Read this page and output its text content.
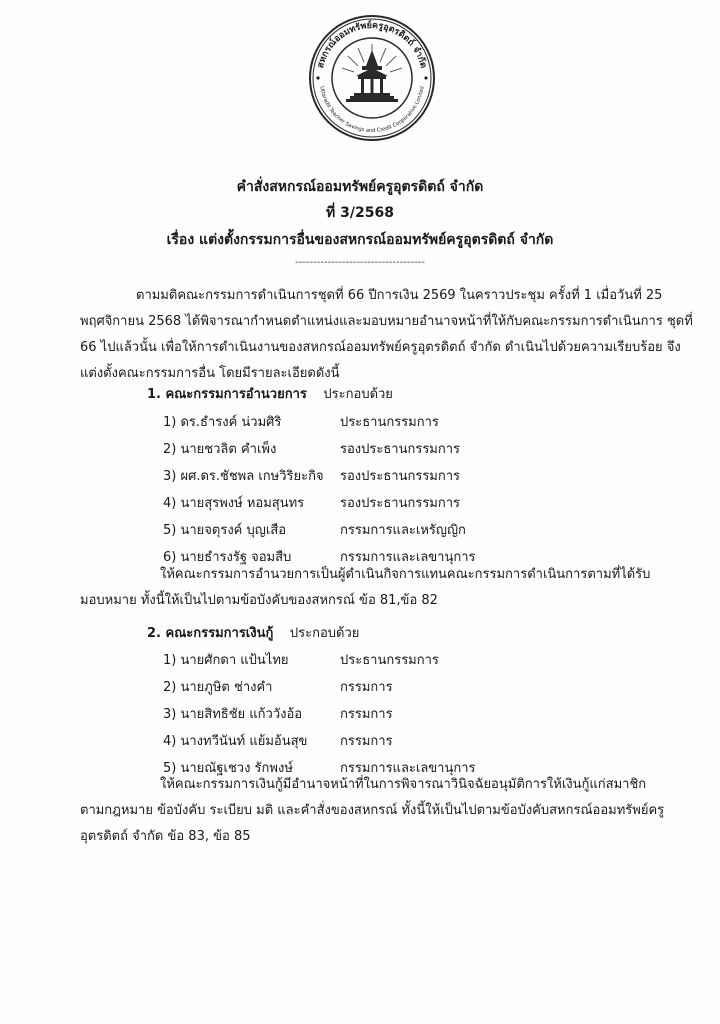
สหกรณ์ออมทรัพย์ครูอุตรดิตถ์ จำกัด
Uttaradit Teacher Savings and Credit Cooperative Limited
คำสั่งสหกรณ์ออมทรัพย์ครูอุตรดิตถ์ จำกัด
ที่ 3/2568
เรื่อง แต่งตั้งกรรมการอื่นของสหกรณ์ออมทรัพย์ครูอุตรดิตถ์ จำกัด
------------------------------------
ตามมติคณะกรรมการดำเนินการชุดที่ 66 ปีการเงิน 2569 ในคราวประชุม ครั้งที่ 1 เมื่อวันที่ 25
พฤศจิกายน 2568 ได้พิจารณากำหนดตำแหน่งและมอบหมายอำนาจหน้าที่ให้กับคณะกรรมการดำเนินการ ชุดที่
66 ไปแล้วนั้น เพื่อให้การดำเนินงานของสหกรณ์ออมทรัพย์ครูอุตรดิตถ์ จำกัด ดำเนินไปด้วยความเรียบร้อย จึง
แต่งตั้งคณะกรรมการอื่น โดยมีรายละเอียดดังนี้
1. คณะกรรมการอำนวยการ ประกอบด้วย
1) ดร.ธำรงค์ น่วมศิริ	ประธานกรรมการ
2) นายชวลิต คำเพ็ง	รองประธานกรรมการ
3) ผศ.ดร.ชัชพล เกษวิริยะกิจ รองประธานกรรมการ
4) นายสุรพงษ์ หอมสุนทร	รองประธานกรรมการ
5) นายจตุรงค์ บุญเสือ	กรรมการและเหรัญญิก
6) นายธำรงรัฐ จอมสืบ	กรรมการและเลขานุการ
ให้คณะกรรมการอำนวยการเป็นผู้ดำเนินกิจการแทนคณะกรรมการดำเนินการตามที่ได้รับ
มอบหมาย ทั้งนี้ให้เป็นไปตามข้อบังคับของสหกรณ์ ข้อ 81,ข้อ 82
2. คณะกรรมการเงินกู้ ประกอบด้วย
1) นายศักดา แป้นไทย	ประธานกรรมการ
2) นายภูษิต ช่างคำ	กรรมการ
3) นายสิทธิชัย แก้ววังอ้อ	กรรมการ
4) นางทวีนันท์ แย้มอ้นสุข	กรรมการ
5) นายณัฐเชวง รักพงษ์	กรรมการและเลขานุการ
ให้คณะกรรมการเงินกู้มีอำนาจหน้าที่ในการพิจารณาวินิจฉัยอนุมัติการให้เงินกู้แก่สมาชิก
ตามกฎหมาย ข้อบังคับ ระเบียบ มติ และคำสั่งของสหกรณ์ ทั้งนี้ให้เป็นไปตามข้อบังคับสหกรณ์ออมทรัพย์ครู
อุตรดิตถ์ จำกัด ข้อ 83, ข้อ 85
